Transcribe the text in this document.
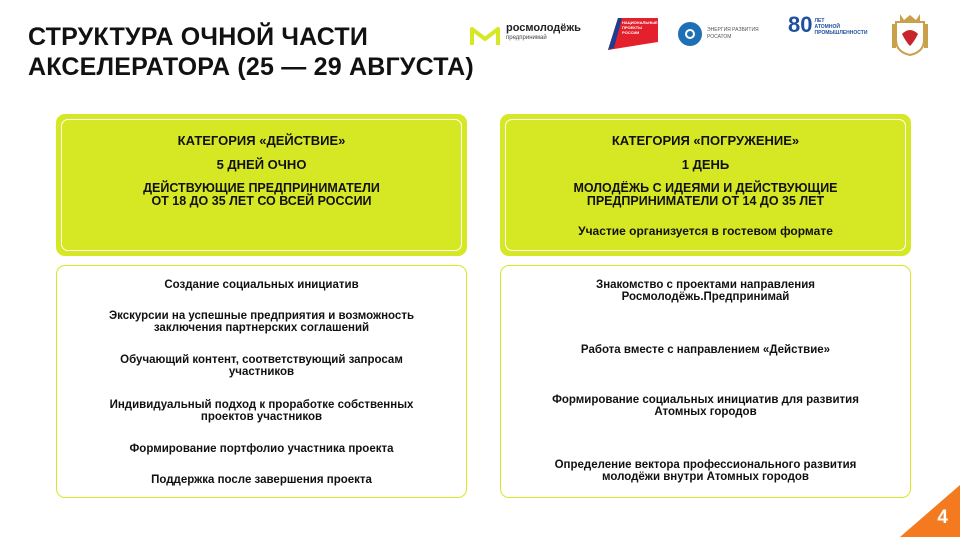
СТРУКТУРА ОЧНОЙ ЧАСТИ
АКСЕЛЕРАТОРА (25 — 29 АВГУСТА)
росмолодёжь
предпринимай
НАЦИОНАЛЬНЫЕ ПРОЕКТЫ РОССИИ	ЭНЕРГИЯ РАЗВИТИЯ
РОСАТОМ	80 ЛЕТ
АТОМНОЙ
ПРОМЫШЛЕННОСТИ
КАТЕГОРИЯ «ДЕЙСТВИЕ»
5 ДНЕЙ ОЧНО
ДЕЙСТВУЮЩИЕ ПРЕДПРИНИМАТЕЛИ
ОТ 18 ДО 35 ЛЕТ СО ВСЕЙ РОССИИ
Создание социальных инициатив
Экскурсии на успешные предприятия и возможность
заключения партнерских соглашений
Обучающий контент, соответствующий запросам
участников
Индивидуальный подход к проработке собственных
проектов участников
Формирование портфолио участника проекта
Поддержка после завершения проекта
КАТЕГОРИЯ «ПОГРУЖЕНИЕ»
1 ДЕНЬ
МОЛОДЁЖЬ С ИДЕЯМИ И ДЕЙСТВУЮЩИЕ
ПРЕДПРИНИМАТЕЛИ ОТ 14 ДО 35 ЛЕТ
Участие организуется в гостевом формате
Знакомство с проектами направления
Росмолодёжь.Предпринимай
Работа вместе с направлением «Действие»
Формирование социальных инициатив для развития
Атомных городов
Определение вектора профессионального развития
молодёжи внутри Атомных городов
4
